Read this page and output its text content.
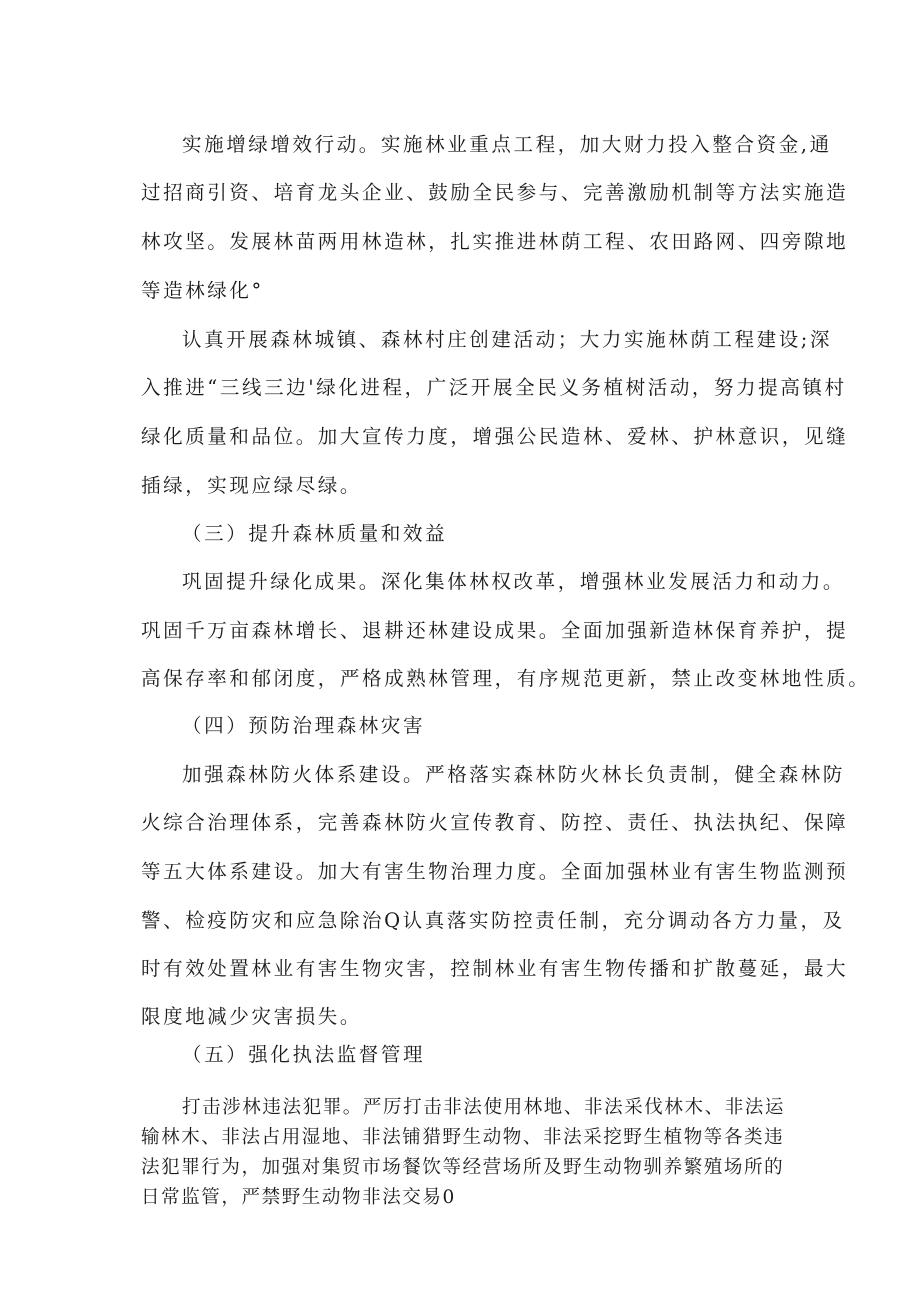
实施增绿增效行动。实施林业重点工程，加大财力投入整合资金,通
过招商引资、培育龙头企业、鼓励全民参与、完善激励机制等方法实施造
林攻坚。发展林苗两用林造林，扎实推进林荫工程、农田路网、四旁隙地
等造林绿化°
认真开展森林城镇、森林村庄创建活动；大力实施林荫工程建设;深
入推进“三线三边'绿化进程，广泛开展全民义务植树活动，努力提高镇村
绿化质量和品位。加大宣传力度，增强公民造林、爱林、护林意识，见缝
插绿，实现应绿尽绿。
（三）提升森林质量和效益
巩固提升绿化成果。深化集体林权改革，增强林业发展活力和动力。
巩固千万亩森林增长、退耕还林建设成果。全面加强新造林保育养护，提
高保存率和郁闭度，严格成熟林管理，有序规范更新，禁止改变林地性质。
（四）预防治理森林灾害
加强森林防火体系建设。严格落实森林防火林长负责制，健全森林防
火综合治理体系，完善森林防火宣传教育、防控、责任、执法执纪、保障
等五大体系建设。加大有害生物治理力度。全面加强林业有害生物监测预
警、检疫防灾和应急除治Q认真落实防控责任制，充分调动各方力量，及
时有效处置林业有害生物灾害，控制林业有害生物传播和扩散蔓延，最大
限度地减少灾害损失。
（五）强化执法监督管理
打击涉林违法犯罪。严厉打击非法使用林地、非法采伐林木、非法运
输林木、非法占用湿地、非法铺猎野生动物、非法采挖野生植物等各类违
法犯罪行为，加强对集贸市场餐饮等经营场所及野生动物驯养繁殖场所的
日常监管，严禁野生动物非法交易0
